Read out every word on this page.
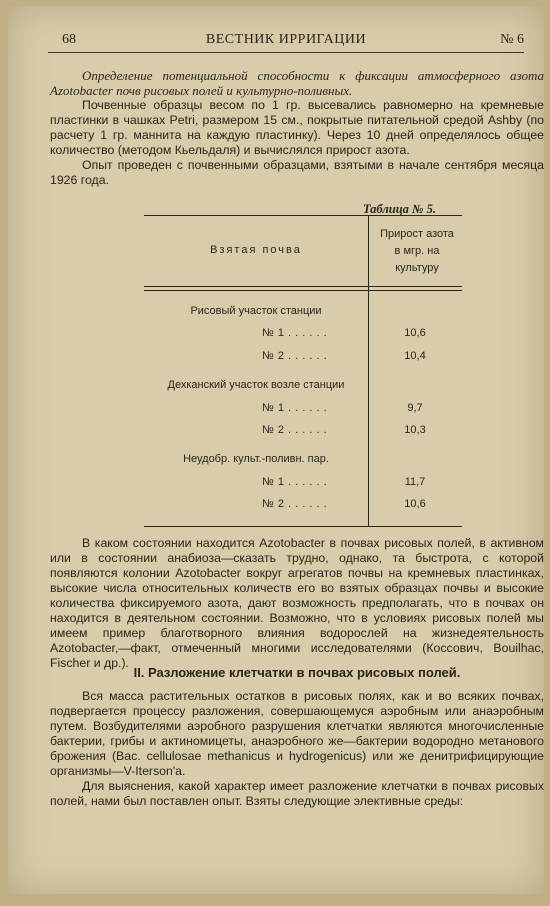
68	ВЕСТНИК ИРРИГАЦИИ	№ 6

Определение потенциальной способности к фиксации атмосферного азота Azotobacter почв рисовых полей и культурно-поливных.

Почвенные образцы весом по 1 гр. высевались равномерно на кремневые пластинки в чашках Petri, размером 15 см., покрытые питательной средой Ashby (по расчету 1 гр. маннита на каждую пластинку). Через 10 дней определялось общее количество (методом Кьельдаля) и вычислялся прирост азота.

Опыт проведен с почвенными образцами, взятыми в начале сентября месяца 1926 года.

Таблица № 5.
Взятая почва
Прирост азота
в мгр. на
культуру
Рисовый участок станции
№ 1 . . . . . .	10,6
№ 2 . . . . . .	10,4
Дехканский участок возле станции
№ 1 . . . . . .	9,7
№ 2 . . . . . .	10,3
Неудобр. культ.-поливн. пар.
№ 1 . . . . . .	11,7
№ 2 . . . . . .	10,6

В каком состоянии находится Azotobacter в почвах рисовых полей, в активном или в состоянии анабиоза—сказать трудно, однако, та быстрота, с которой появляются колонии Azotobacter вокруг агрегатов почвы на кремневых пластинках, высокие числа относительных количеств его во взятых образцах почвы и высокие количества фиксируемого азота, дают возможность предполагать, что в почвах он находится в деятельном состоянии. Возможно, что в условиях рисовых полей мы имеем пример благотворного влияния водорослей на жизнедеятельность Azotobacter,—факт, отмеченный многими исследователями (Коссович, Bouilhac, Fischer и др.).

II. Разложение клетчатки в почвах рисовых полей.

Вся масса растительных остатков в рисовых полях, как и во всяких почвах, подвергается процессу разложения, совершающемуся аэробным или анаэробным путем. Возбудителями аэробного разрушения клетчатки являются многочисленные бактерии, грибы и актиномицеты, анаэробного же—бактерии водородно метанового брожения (Bac. cellulosae methanicus и hydrogenicus) или же денитрифицирующие организмы—V-Iterson'a.

Для выяснения, какой характер имеет разложение клетчатки в почвах рисовых полей, нами был поставлен опыт. Взяты следующие элективные среды:
